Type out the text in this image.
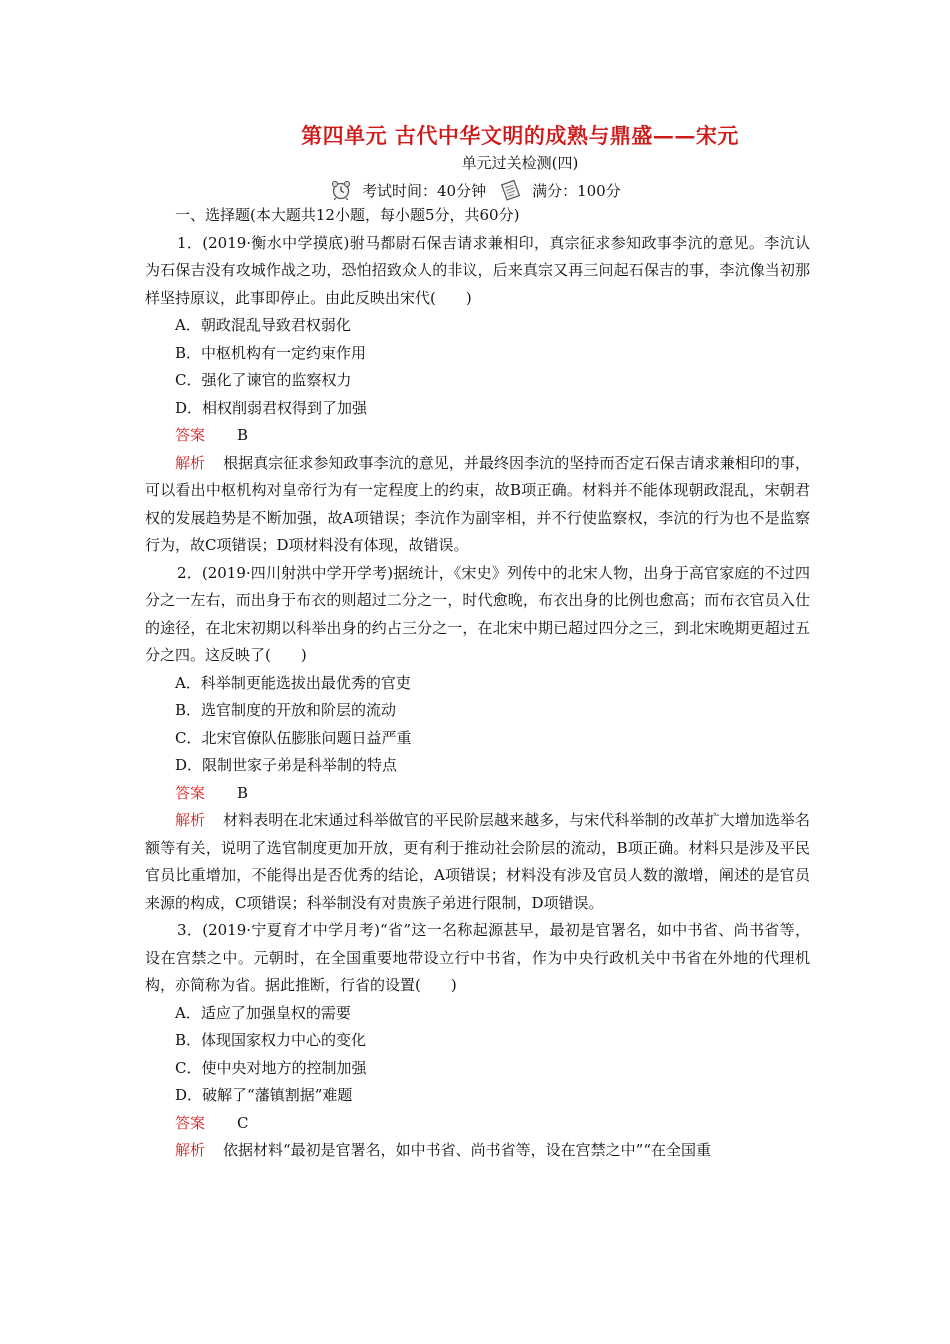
第四单元 古代中华文明的成熟与鼎盛——宋元
单元过关检测(四)
考试时间：40分钟	满分：100分
一、选择题(本大题共12小题，每小题5分，共60分)
1．(2019·衡水中学摸底)驸马都尉石保吉请求兼相印，真宗征求参知政事李沆的意见。李沆认为石保吉没有攻城作战之功，恐怕招致众人的非议，后来真宗又再三问起石保吉的事，李沆像当初那样坚持原议，此事即停止。由此反映出宋代(　　)
A．朝政混乱导致君权弱化
B．中枢机构有一定约束作用
C．强化了谏官的监察权力
D．相权削弱君权得到了加强
答案 B
解析 根据真宗征求参知政事李沆的意见，并最终因李沆的坚持而否定石保吉请求兼相印的事，可以看出中枢机构对皇帝行为有一定程度上的约束，故B项正确。材料并不能体现朝政混乱，宋朝君权的发展趋势是不断加强，故A项错误；李沆作为副宰相，并不行使监察权，李沆的行为也不是监察行为，故C项错误；D项材料没有体现，故错误。
2．(2019·四川射洪中学开学考)据统计，《宋史》列传中的北宋人物，出身于高官家庭的不过四分之一左右，而出身于布衣的则超过二分之一，时代愈晚，布衣出身的比例也愈高；而布衣官员入仕的途径，在北宋初期以科举出身的约占三分之一，在北宋中期已超过四分之三，到北宋晚期更超过五分之四。这反映了(　　)
A．科举制更能选拔出最优秀的官吏
B．选官制度的开放和阶层的流动
C．北宋官僚队伍膨胀问题日益严重
D．限制世家子弟是科举制的特点
答案 B
解析 材料表明在北宋通过科举做官的平民阶层越来越多，与宋代科举制的改革扩大增加选举名额等有关，说明了选官制度更加开放，更有利于推动社会阶层的流动，B项正确。材料只是涉及平民官员比重增加，不能得出是否优秀的结论，A项错误；材料没有涉及官员人数的激增，阐述的是官员来源的构成，C项错误；科举制没有对贵族子弟进行限制，D项错误。
3．(2019·宁夏育才中学月考)“省”这一名称起源甚早，最初是官署名，如中书省、尚书省等，设在宫禁之中。元朝时，在全国重要地带设立行中书省，作为中央行政机关中书省在外地的代理机构，亦简称为省。据此推断，行省的设置(　　)
A．适应了加强皇权的需要
B．体现国家权力中心的变化
C．使中央对地方的控制加强
D．破解了“藩镇割据”难题
答案 C
解析 依据材料“最初是官署名，如中书省、尚书省等，设在宫禁之中”“在全国重
